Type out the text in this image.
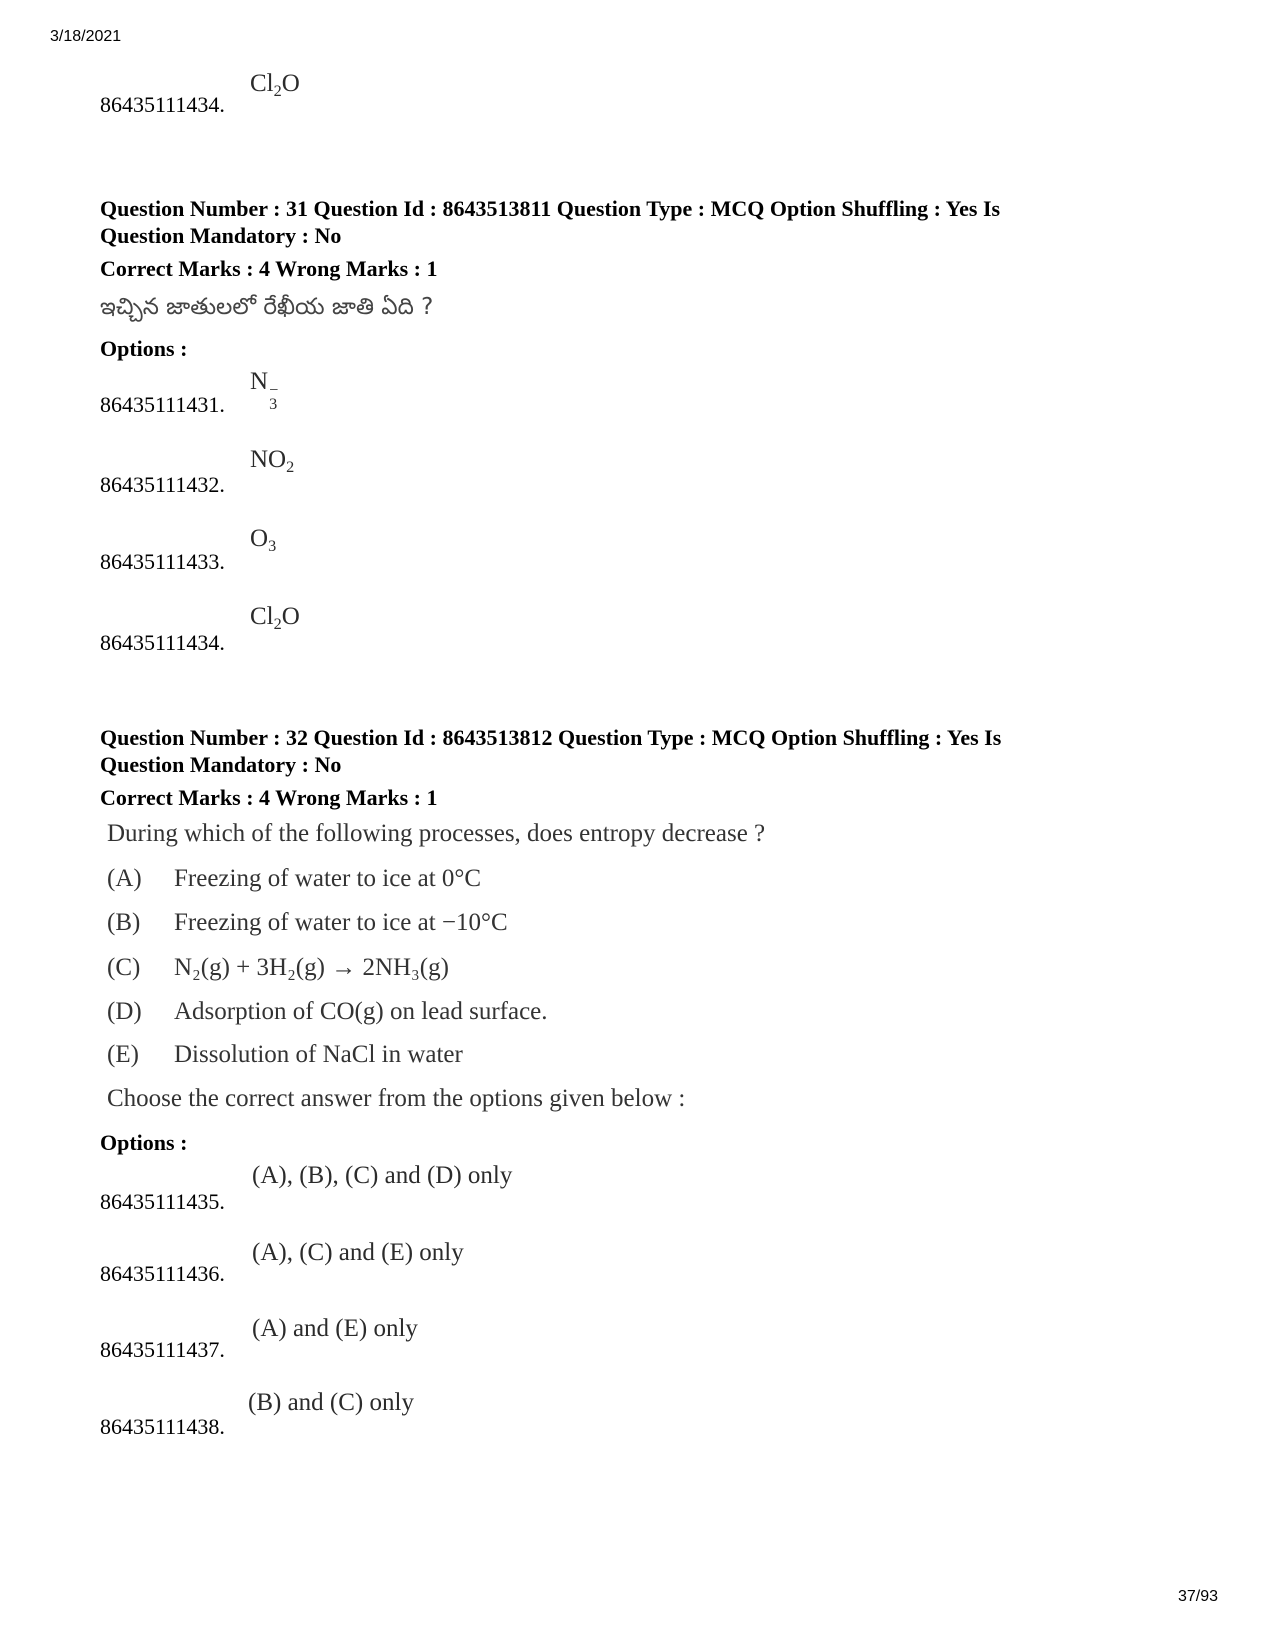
3/18/2021
37/93
86435111434.
$Cl_2O$
Question Number : 31 Question Id : 8643513811 Question Type : MCQ Option Shuffling : Yes Is
Question Mandatory : No
Correct Marks : 4 Wrong Marks : 1
ఇచ్చిన జాతులలో రేఖీయ జాతి ఏది ?
Options :
86435111431.
N −
3
86435111432.
$NO_2$
86435111433.
$O_3$
86435111434.
$Cl_2O$
Question Number : 32 Question Id : 8643513812 Question Type : MCQ Option Shuffling : Yes Is
Question Mandatory : No
Correct Marks : 4 Wrong Marks : 1
During which of the following processes, does entropy decrease ?
(A) Freezing of water to ice at 0°C
(B) Freezing of water to ice at −10°C
(C) N₂(g) + 3H₂(g) → 2NH₃(g)
(D) Adsorption of CO(g) on lead surface.
(E) Dissolution of NaCl in water
Choose the correct answer from the options given below :
Options :
86435111435.
(A), (B), (C) and (D) only
86435111436.
(A), (C) and (E) only
86435111437.
(A) and (E) only
86435111438.
(B) and (C) only
